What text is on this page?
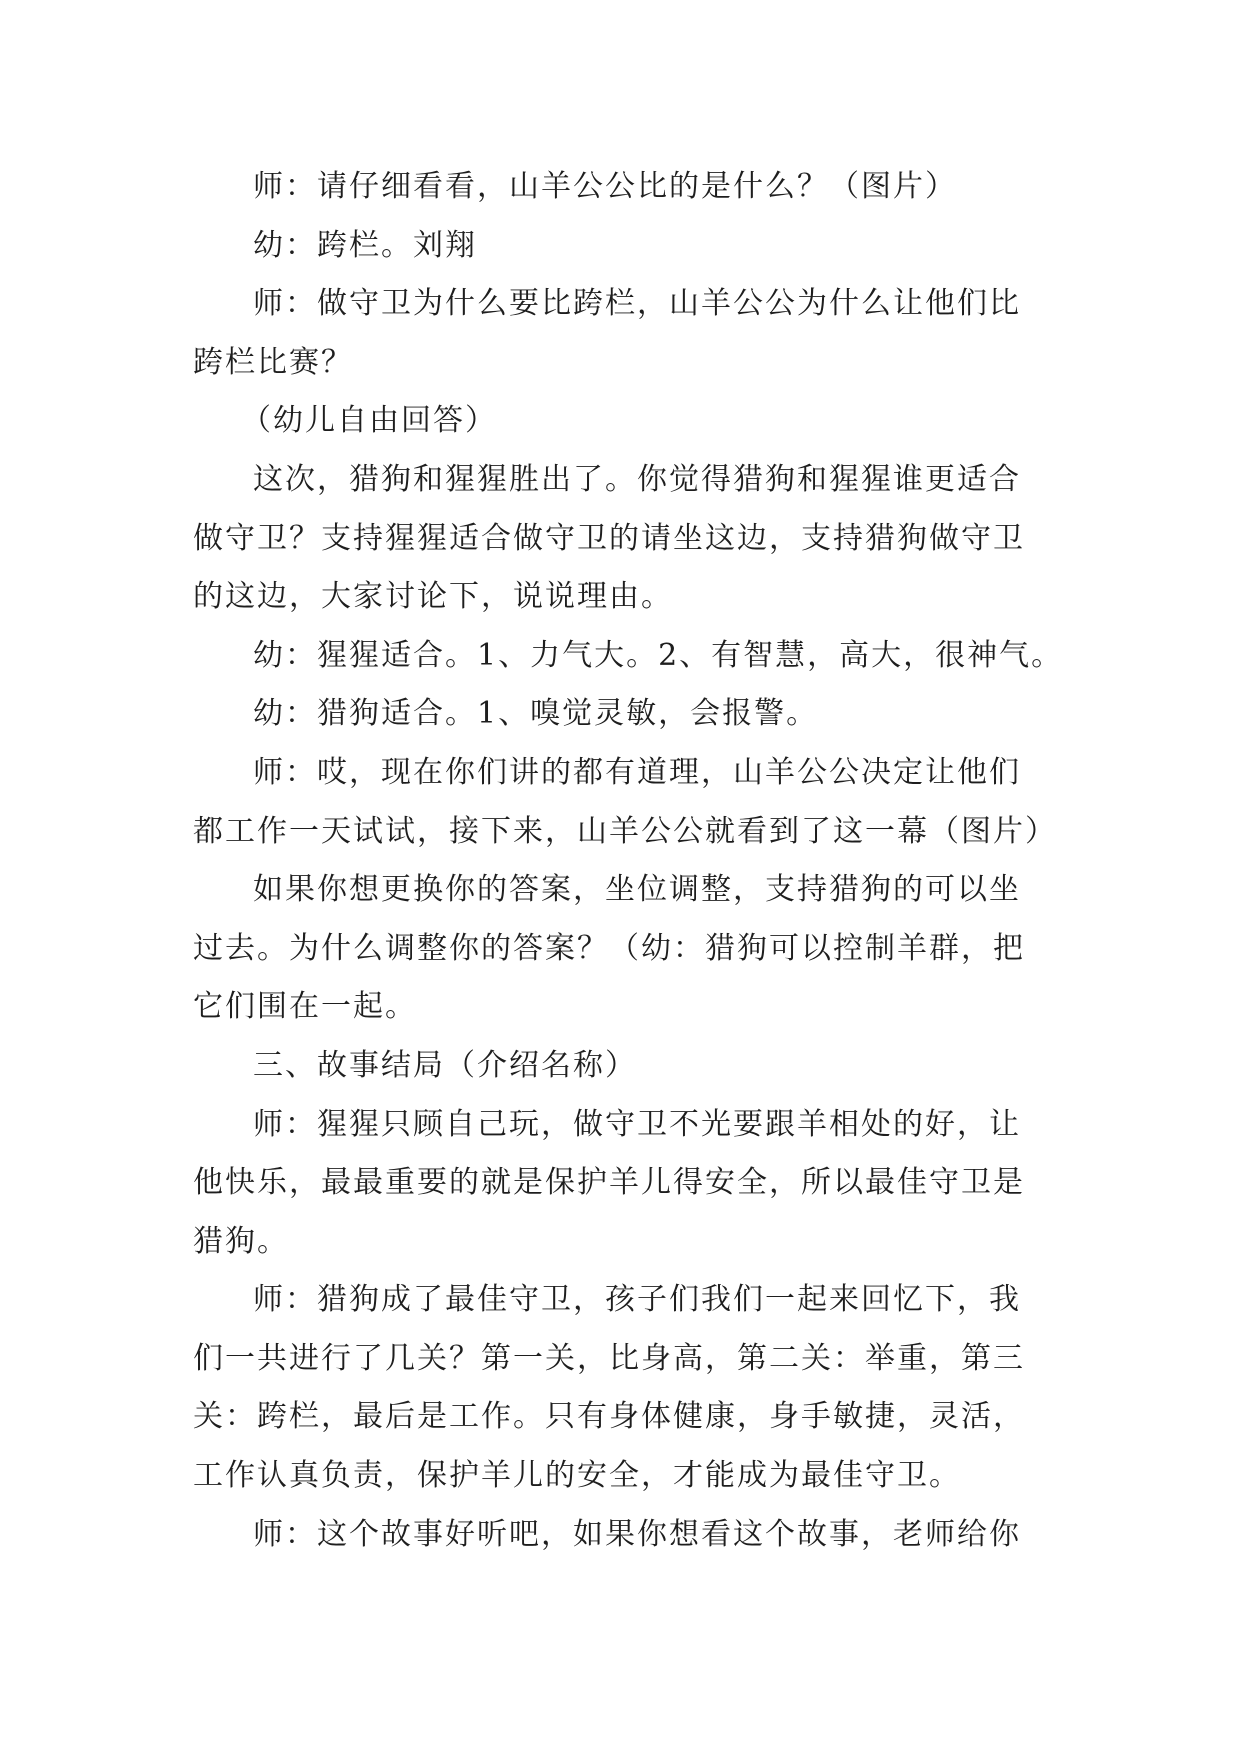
师：请仔细看看，山羊公公比的是什么？（图片）

幼：跨栏。刘翔

师：做守卫为什么要比跨栏，山羊公公为什么让他们比
跨栏比赛？

（幼儿自由回答）

这次，猎狗和猩猩胜出了。你觉得猎狗和猩猩谁更适合
做守卫？支持猩猩适合做守卫的请坐这边，支持猎狗做守卫
的这边，大家讨论下，说说理由。

幼：猩猩适合。1、力气大。2、有智慧，高大，很神气。

幼：猎狗适合。1、嗅觉灵敏，会报警。

师：哎，现在你们讲的都有道理，山羊公公决定让他们
都工作一天试试，接下来，山羊公公就看到了这一幕（图片）

如果你想更换你的答案，坐位调整，支持猎狗的可以坐
过去。为什么调整你的答案？（幼：猎狗可以控制羊群，把
它们围在一起。

三、故事结局（介绍名称）

师：猩猩只顾自己玩，做守卫不光要跟羊相处的好，让
他快乐，最最重要的就是保护羊儿得安全，所以最佳守卫是
猎狗。

师：猎狗成了最佳守卫，孩子们我们一起来回忆下，我
们一共进行了几关？第一关，比身高，第二关：举重，第三
关：跨栏，最后是工作。只有身体健康，身手敏捷，灵活，
工作认真负责，保护羊儿的安全，才能成为最佳守卫。

师：这个故事好听吧，如果你想看这个故事，老师给你
